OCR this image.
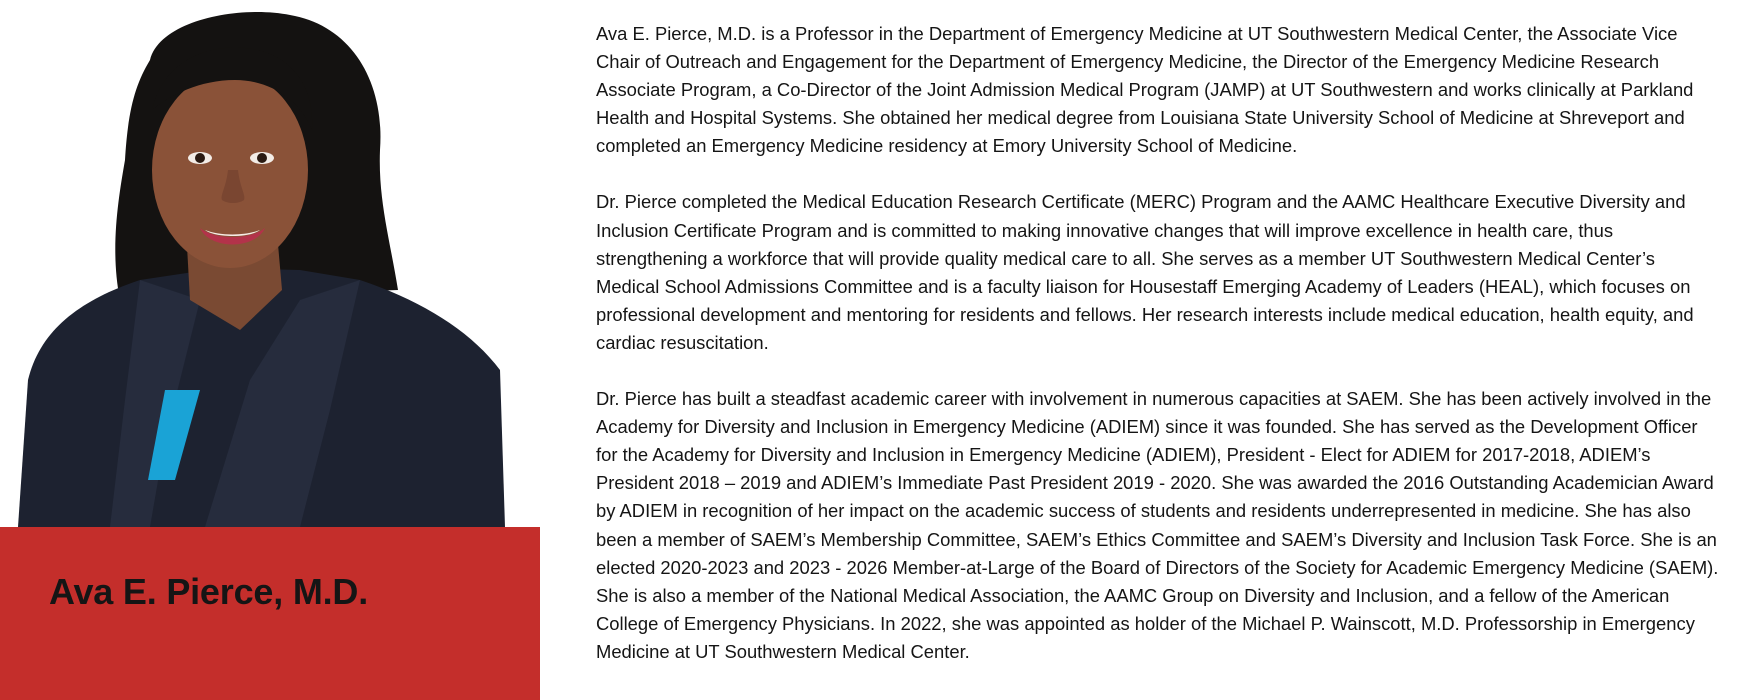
Ava E. Pierce, M.D.

Ava E. Pierce, M.D. is a Professor in the Department of Emergency Medicine at UT Southwestern Medical Center, the Associate Vice Chair of Outreach and Engagement for the Department of Emergency Medicine, the Director of the Emergency Medicine Research Associate Program, a Co-Director of the Joint Admission Medical Program (JAMP) at UT Southwestern and works clinically at Parkland Health and Hospital Systems. She obtained her medical degree from Louisiana State University School of Medicine at Shreveport and completed an Emergency Medicine residency at Emory University School of Medicine.

Dr. Pierce completed the Medical Education Research Certificate (MERC) Program and the AAMC Healthcare Executive Diversity and Inclusion Certificate Program and is committed to making innovative changes that will improve excellence in health care, thus strengthening a workforce that will provide quality medical care to all. She serves as a member UT Southwestern Medical Center’s Medical School Admissions Committee and is a faculty liaison for Housestaff Emerging Academy of Leaders (HEAL), which focuses on professional development and mentoring for residents and fellows. Her research interests include medical education, health equity, and cardiac resuscitation.

Dr. Pierce has built a steadfast academic career with involvement in numerous capacities at SAEM. She has been actively involved in the Academy for Diversity and Inclusion in Emergency Medicine (ADIEM) since it was founded. She has served as the Development Officer for the Academy for Diversity and Inclusion in Emergency Medicine (ADIEM), President - Elect for ADIEM for 2017-2018, ADIEM’s President 2018 – 2019 and ADIEM’s Immediate Past President 2019 - 2020. She was awarded the 2016 Outstanding Academician Award by ADIEM in recognition of her impact on the academic success of students and residents underrepresented in medicine. She has also been a member of SAEM’s Membership Committee, SAEM’s Ethics Committee and SAEM’s Diversity and Inclusion Task Force. She is an elected 2020-2023 and 2023 - 2026 Member-at-Large of the Board of Directors of the Society for Academic Emergency Medicine (SAEM). She is also a member of the National Medical Association, the AAMC Group on Diversity and Inclusion, and a fellow of the American College of Emergency Physicians. In 2022, she was appointed as holder of the Michael P. Wainscott, M.D. Professorship in Emergency Medicine at UT Southwestern Medical Center.
